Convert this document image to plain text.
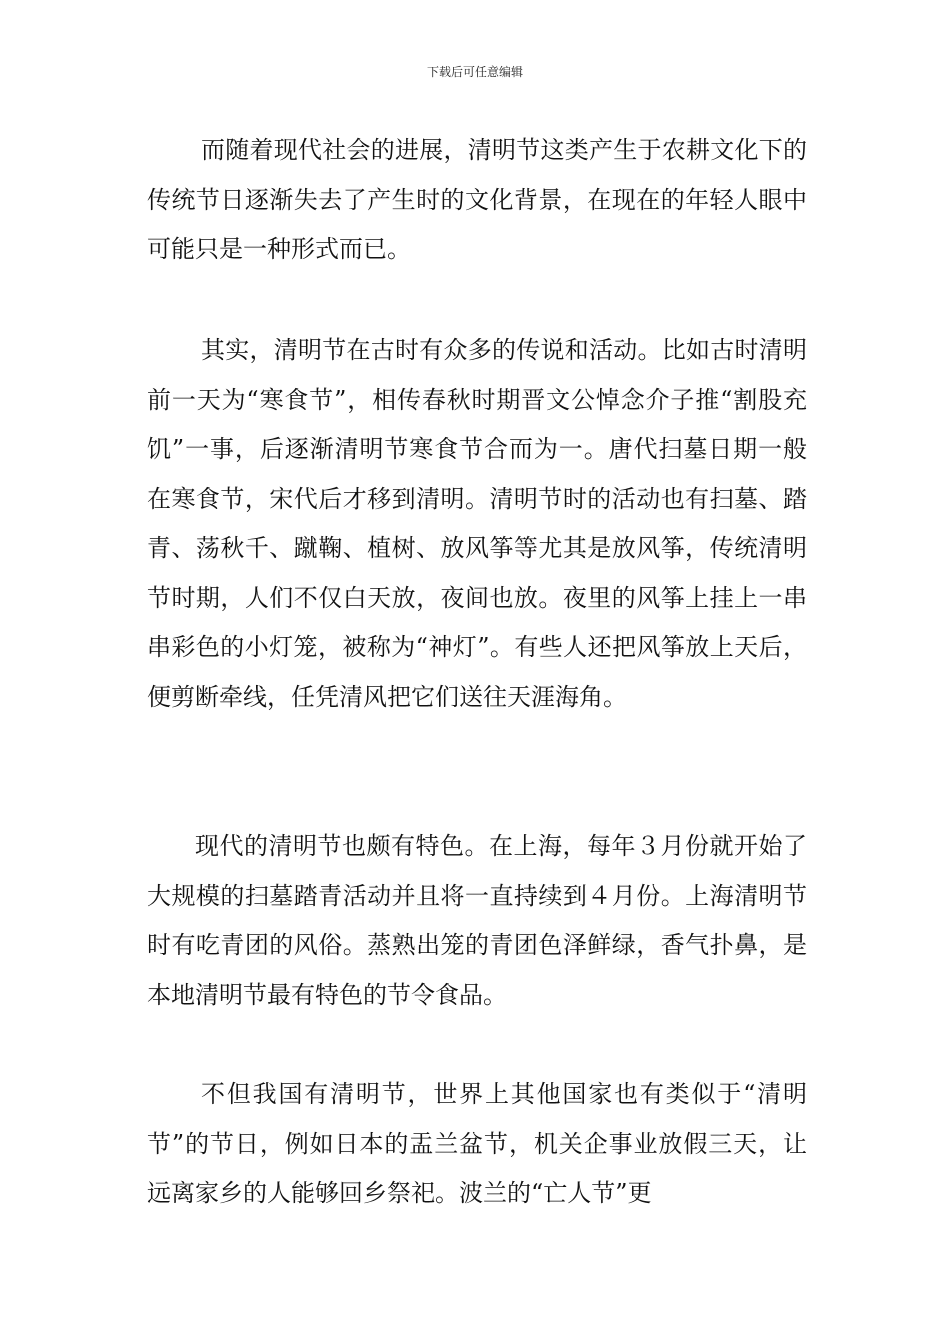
下载后可任意编辑

而随着现代社会的进展，清明节这类产生于农耕文化下的传统节日逐渐失去了产生时的文化背景，在现在的年轻人眼中可能只是一种形式而已。

其实，清明节在古时有众多的传说和活动。比如古时清明前一天为“寒食节”，相传春秋时期晋文公悼念介子推“割股充饥”一事，后逐渐清明节寒食节合而为一。唐代扫墓日期一般在寒食节，宋代后才移到清明。清明节时的活动也有扫墓、踏青、荡秋千、蹴鞠、植树、放风筝等尤其是放风筝，传统清明节时期，人们不仅白天放，夜间也放。夜里的风筝上挂上一串串彩色的小灯笼，被称为“神灯”。有些人还把风筝放上天后，便剪断牵线，任凭清风把它们送往天涯海角。

现代的清明节也颇有特色。在上海，每年３月份就开始了大规模的扫墓踏青活动并且将一直持续到４月份。上海清明节时有吃青团的风俗。蒸熟出笼的青团色泽鲜绿，香气扑鼻，是本地清明节最有特色的节令食品。

不但我国有清明节，世界上其他国家也有类似于“清明节”的节日，例如日本的盂兰盆节，机关企事业放假三天，让远离家乡的人能够回乡祭祀。波兰的“亡人节”更
